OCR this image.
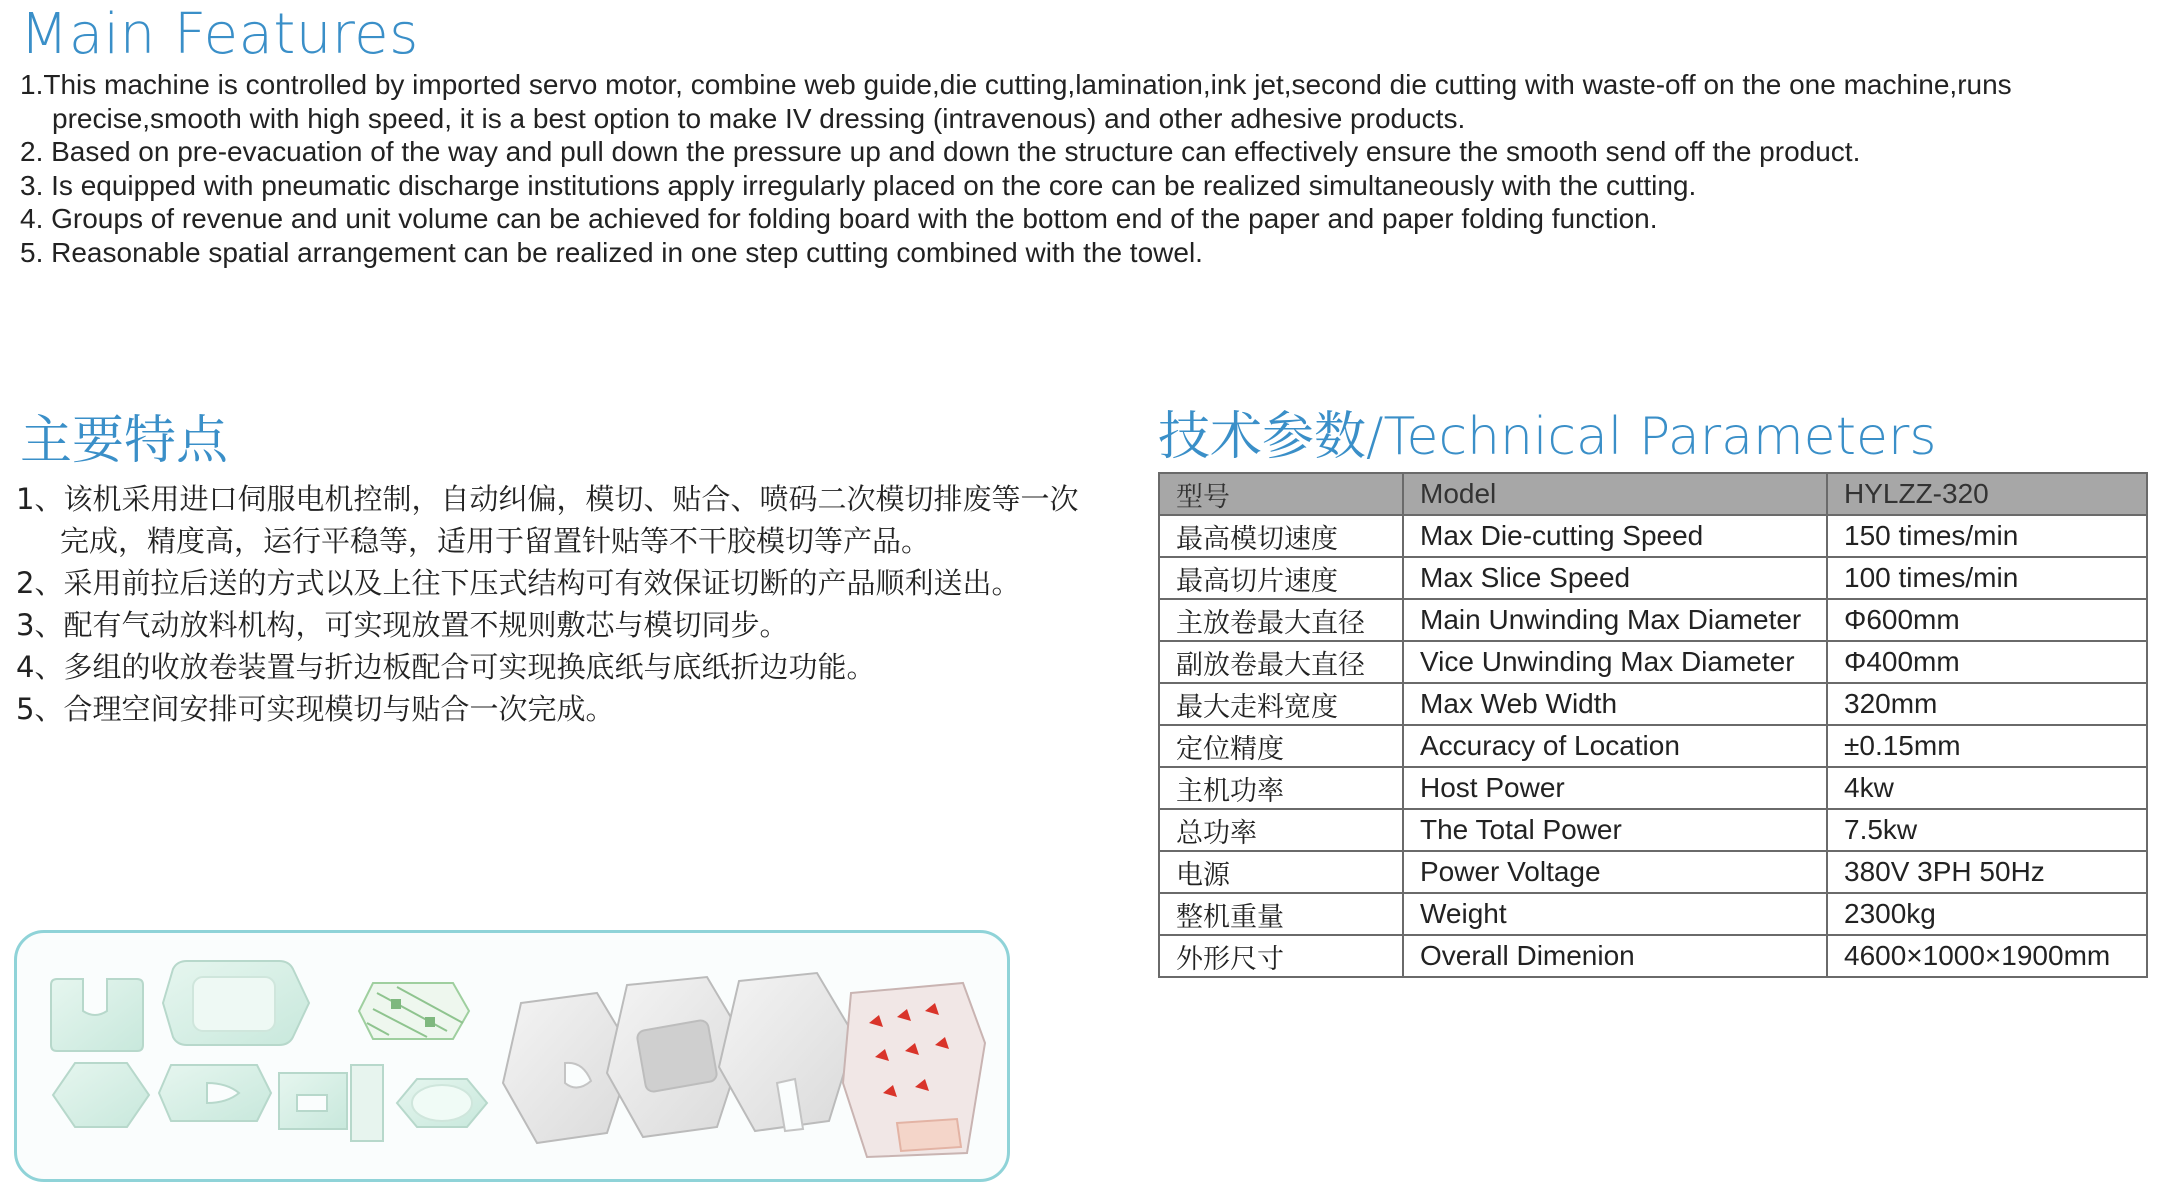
Main Features
1.This machine is controlled by imported servo motor, combine web guide,die cutting,lamination,ink jet,second die cutting with waste-off on the one machine,runs precise,smooth with high speed, it is a best option to make IV dressing (intravenous) and other adhesive products.
2. Based on pre-evacuation of the way and pull down the pressure up and down the structure can effectively ensure the smooth send off the product.
3. Is equipped with pneumatic discharge institutions apply irregularly placed on the core can be realized simultaneously with the cutting.
4. Groups of revenue and unit volume can be achieved for folding board with the bottom end of the paper and paper folding function.
5. Reasonable spatial arrangement can be realized in one step cutting combined with the towel.
主要特点
1、该机采用进口伺服电机控制，自动纠偏，模切、贴合、喷码二次模切排废等一次完成，精度高，运行平稳等，适用于留置针贴等不干胶模切等产品。
2、采用前拉后送的方式以及上往下压式结构可有效保证切断的产品顺利送出。
3、配有气动放料机构，可实现放置不规则敷芯与模切同步。
4、多组的收放卷装置与折边板配合可实现换底纸与底纸折边功能。
5、合理空间安排可实现模切与贴合一次完成。
技术参数/Technical Parameters
型号	Model	HYLZZ-320
最高模切速度	Max Die-cutting Speed	150 times/min
最高切片速度	Max Slice Speed	100 times/min
主放卷最大直径	Main Unwinding Max Diameter	Φ600mm
副放卷最大直径	Vice Unwinding Max Diameter	Φ400mm
最大走料宽度	Max Web Width	320mm
定位精度	Accuracy of Location	±0.15mm
主机功率	Host Power	4kw
总功率	The Total Power	7.5kw
电源	Power Voltage	380V 3PH 50Hz
整机重量	Weight	2300kg
外形尺寸	Overall Dimenion	4600×1000×1900mm
